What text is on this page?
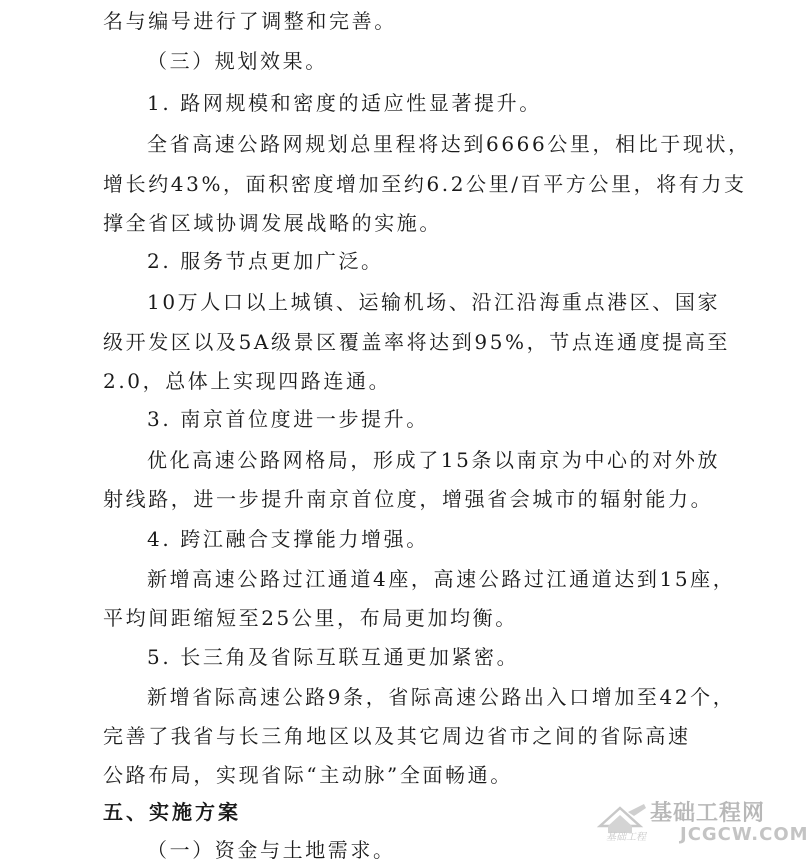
名与编号进行了调整和完善。
（三）规划效果。
1. 路网规模和密度的适应性显著提升。
全省高速公路网规划总里程将达到6666公里，相比于现状，
增长约43%，面积密度增加至约6.2公里/百平方公里，将有力支
撑全省区域协调发展战略的实施。
2. 服务节点更加广泛。
10万人口以上城镇、运输机场、沿江沿海重点港区、国家
级开发区以及5A级景区覆盖率将达到95%，节点连通度提高至
2.0，总体上实现四路连通。
3. 南京首位度进一步提升。
优化高速公路网格局，形成了15条以南京为中心的对外放
射线路，进一步提升南京首位度，增强省会城市的辐射能力。
4. 跨江融合支撑能力增强。
新增高速公路过江通道4座，高速公路过江通道达到15座，
平均间距缩短至25公里，布局更加均衡。
5. 长三角及省际互联互通更加紧密。
新增省际高速公路9条，省际高速公路出入口增加至42个，
完善了我省与长三角地区以及其它周边省市之间的省际高速
公路布局，实现省际“主动脉”全面畅通。
五、实施方案
（一）资金与土地需求。
基础工程网
基础工程 JCGCW.COM
